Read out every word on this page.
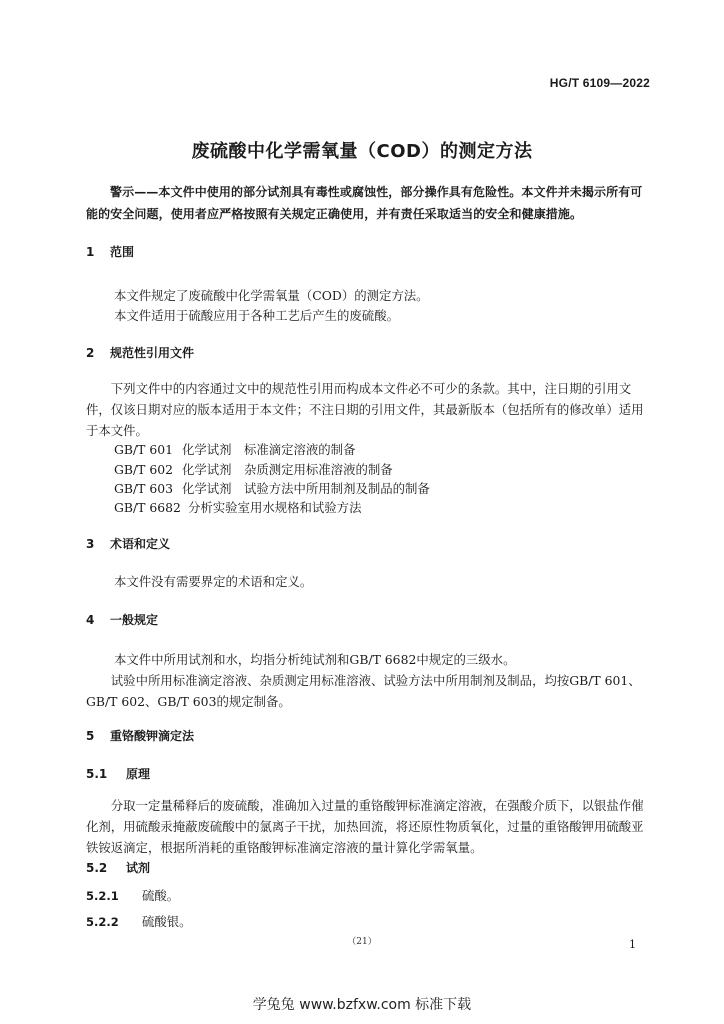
HG/T 6109—2022
废硫酸中化学需氧量（COD）的测定方法
警示——本文件中使用的部分试剂具有毒性或腐蚀性，部分操作具有危险性。本文件并未揭示所有可能的安全问题，使用者应严格按照有关规定正确使用，并有责任采取适当的安全和健康措施。
1 范围
本文件规定了废硫酸中化学需氧量（COD）的测定方法。
本文件适用于硫酸应用于各种工艺后产生的废硫酸。
2 规范性引用文件
下列文件中的内容通过文中的规范性引用而构成本文件必不可少的条款。其中，注日期的引用文件，仅该日期对应的版本适用于本文件；不注日期的引用文件，其最新版本（包括所有的修改单）适用于本文件。
GB/T 601 化学试剂　标准滴定溶液的制备
GB/T 602 化学试剂　杂质测定用标准溶液的制备
GB/T 603 化学试剂　试验方法中所用制剂及制品的制备
GB/T 6682 分析实验室用水规格和试验方法
3 术语和定义
本文件没有需要界定的术语和定义。
4 一般规定
本文件中所用试剂和水，均指分析纯试剂和GB/T 6682中规定的三级水。
试验中所用标准滴定溶液、杂质测定用标准溶液、试验方法中所用制剂及制品，均按GB/T 601、GB/T 602、GB/T 603的规定制备。
5 重铬酸钾滴定法
5.1 原理
分取一定量稀释后的废硫酸，准确加入过量的重铬酸钾标准滴定溶液，在强酸介质下，以银盐作催化剂，用硫酸汞掩蔽废硫酸中的氯离子干扰，加热回流，将还原性物质氧化，过量的重铬酸钾用硫酸亚铁铵返滴定，根据所消耗的重铬酸钾标准滴定溶液的量计算化学需氧量。
5.2 试剂
5.2.1 硫酸。
5.2.2 硫酸银。
（21）	1
学兔兔 www.bzfxw.com 标准下载
